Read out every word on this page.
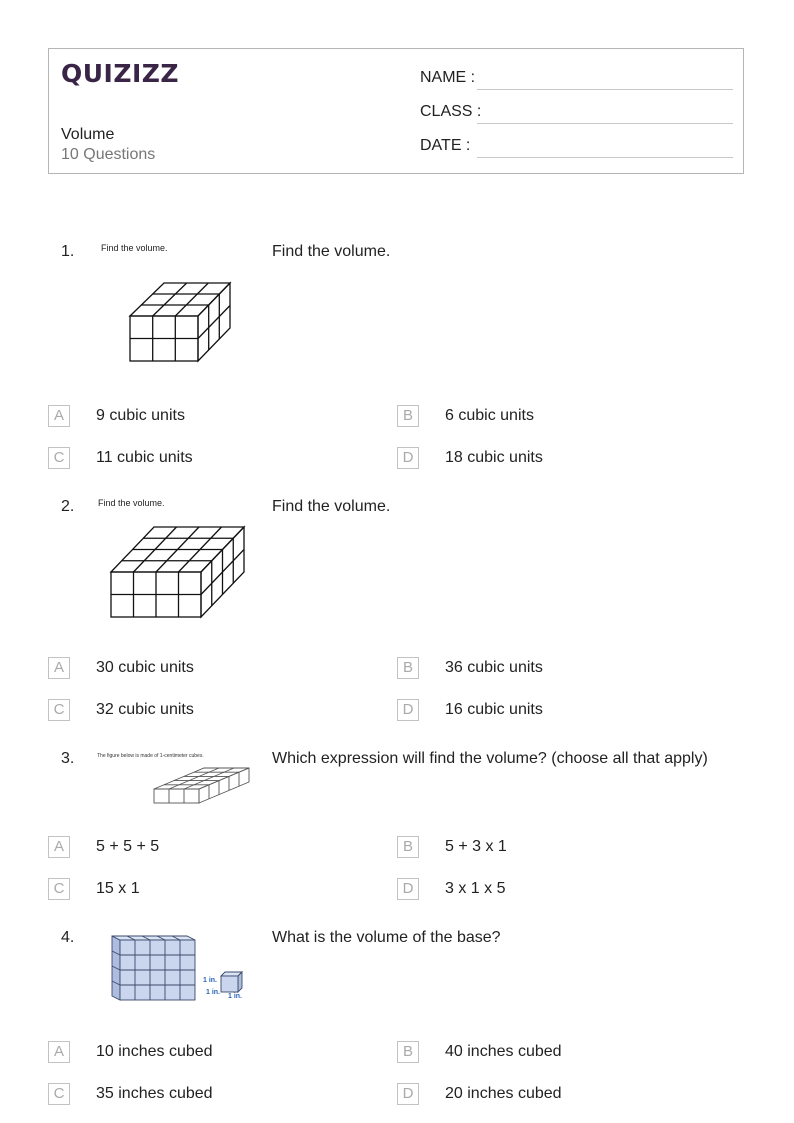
QUIZIZZ
Volume
10 Questions
NAME :
CLASS :
DATE :
1.	Find the volume.	Find the volume.
A	9 cubic units	B	6 cubic units
C	11 cubic units	D	18 cubic units
2.	Find the volume.	Find the volume.
A	30 cubic units	B	36 cubic units
C	32 cubic units	D	16 cubic units
3.	The figure below is made of 1-centimeter cubes.	Which expression will find the volume? (choose all that apply)
A	5 + 5 + 5	B	5 + 3 x 1
C	15 x 1	D	3 x 1 x 5
4.
1 in.
1 in.
1 in.
What is the volume of the base?
A	10 inches cubed	B	40 inches cubed
C	35 inches cubed	D	20 inches cubed
